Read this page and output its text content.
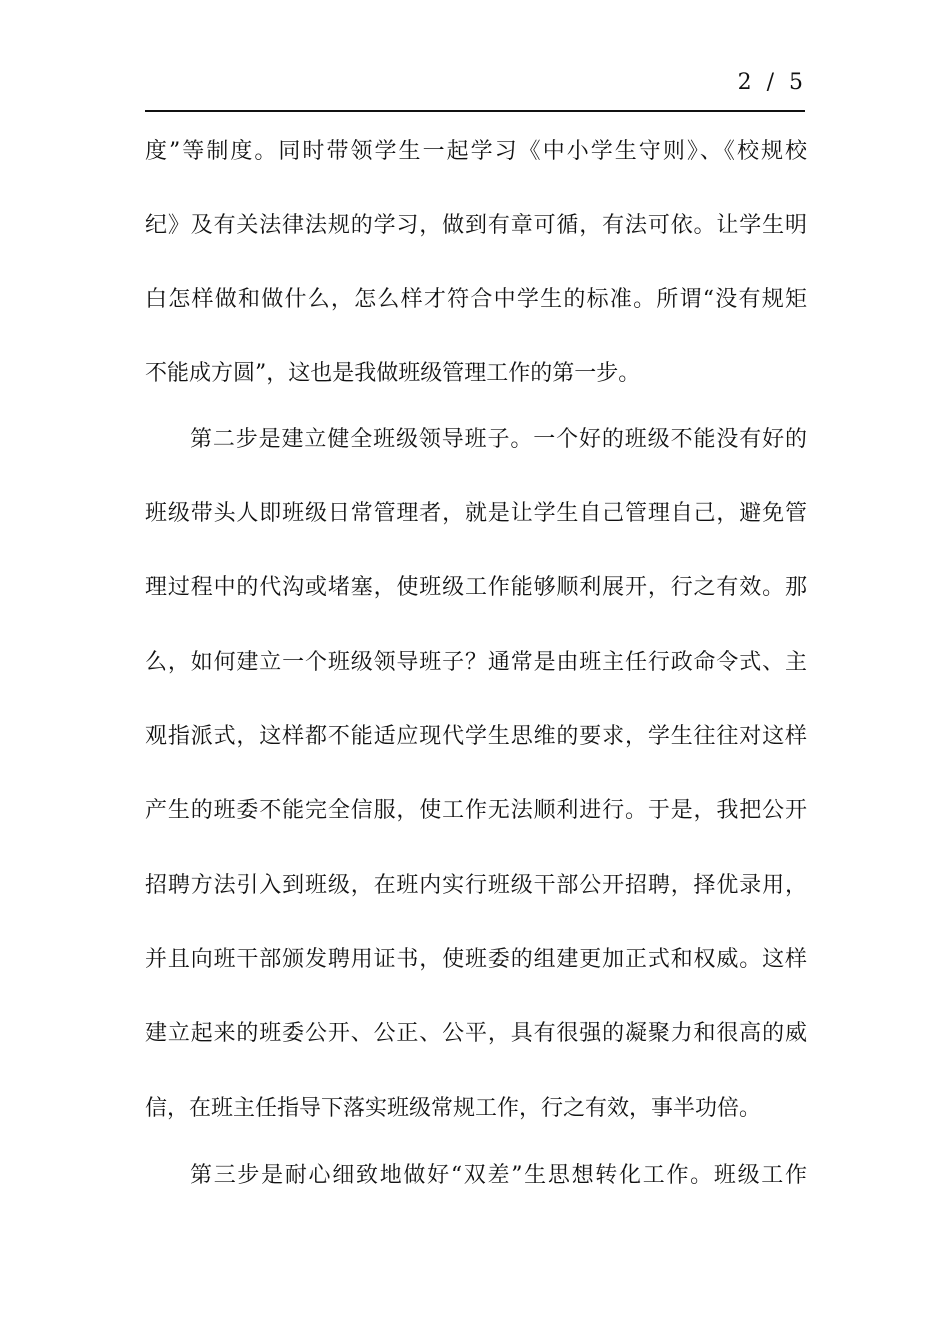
2 / 5
度”等制度。同时带领学生一起学习《中小学生守则》、《校规校
纪》及有关法律法规的学习，做到有章可循，有法可依。让学生明
白怎样做和做什么，怎么样才符合中学生的标准。所谓“没有规矩
不能成方圆”，这也是我做班级管理工作的第一步。
第二步是建立健全班级领导班子。一个好的班级不能没有好的
班级带头人即班级日常管理者，就是让学生自己管理自己，避免管
理过程中的代沟或堵塞，使班级工作能够顺利展开，行之有效。那
么，如何建立一个班级领导班子？通常是由班主任行政命令式、主
观指派式，这样都不能适应现代学生思维的要求，学生往往对这样
产生的班委不能完全信服，使工作无法顺利进行。于是，我把公开
招聘方法引入到班级，在班内实行班级干部公开招聘，择优录用，
并且向班干部颁发聘用证书，使班委的组建更加正式和权威。这样
建立起来的班委公开、公正、公平，具有很强的凝聚力和很高的威
信，在班主任指导下落实班级常规工作，行之有效，事半功倍。
第三步是耐心细致地做好“双差”生思想转化工作。班级工作
